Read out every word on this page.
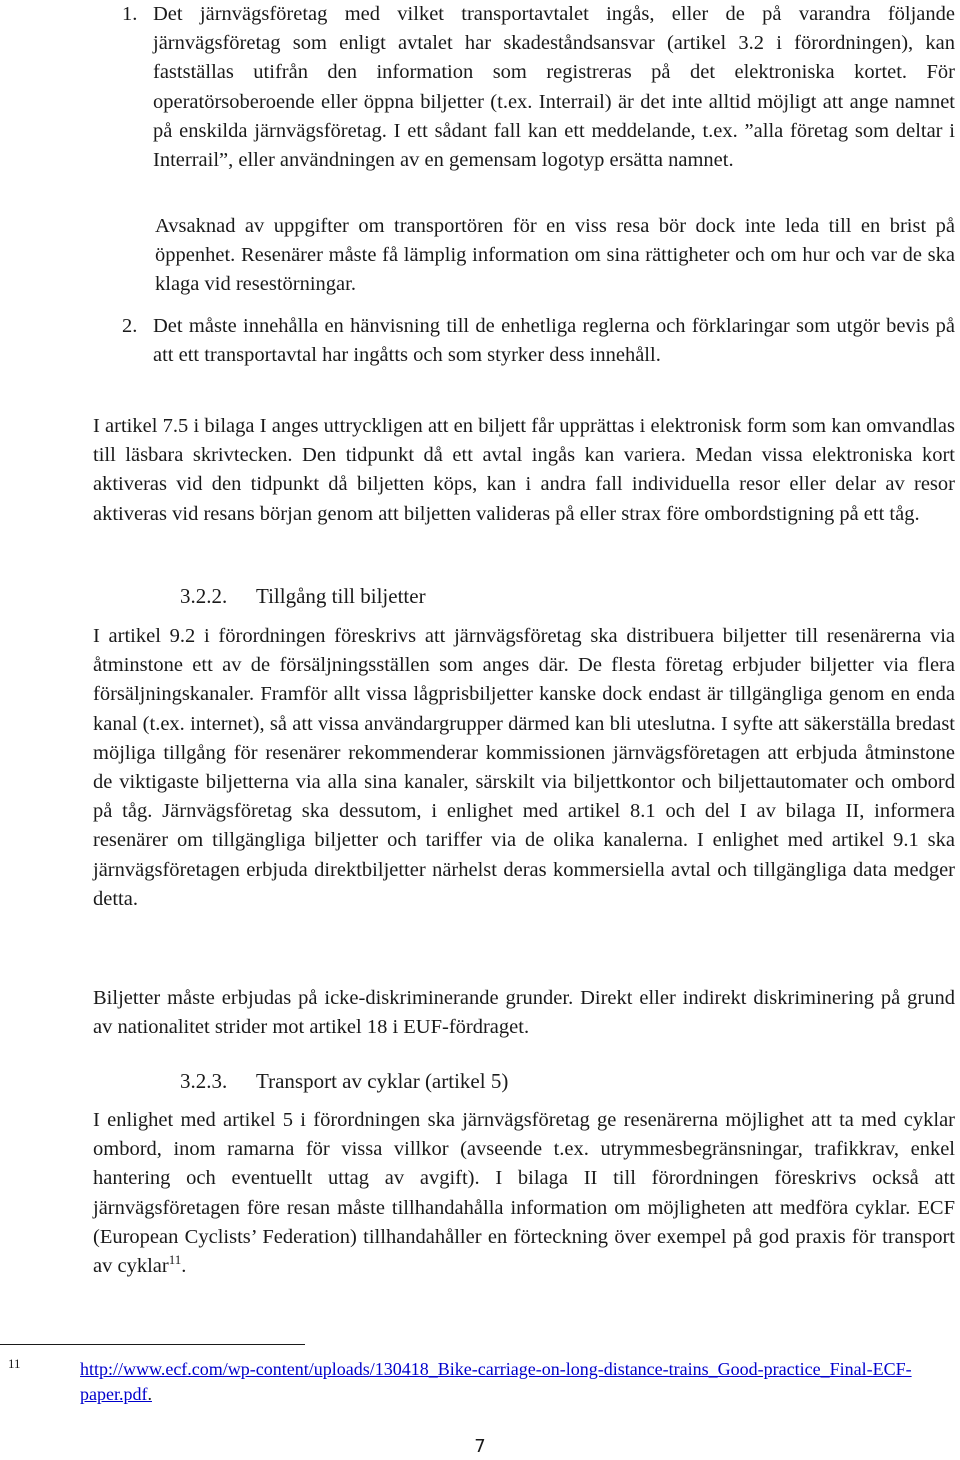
1. Det järnvägsföretag med vilket transportavtalet ingås, eller de på varandra följande järnvägsföretag som enligt avtalet har skadeståndsansvar (artikel 3.2 i förordningen), kan fastställas utifrån den information som registreras på det elektroniska kortet. För operatörsoberoende eller öppna biljetter (t.ex. Interrail) är det inte alltid möjligt att ange namnet på enskilda järnvägsföretag. I ett sådant fall kan ett meddelande, t.ex. ”alla företag som deltar i Interrail”, eller användningen av en gemensam logotyp ersätta namnet.

Avsaknad av uppgifter om transportören för en viss resa bör dock inte leda till en brist på öppenhet. Resenärer måste få lämplig information om sina rättigheter och om hur och var de ska klaga vid resestörningar.

2. Det måste innehålla en hänvisning till de enhetliga reglerna och förklaringar som utgör bevis på att ett transportavtal har ingåtts och som styrker dess innehåll.

I artikel 7.5 i bilaga I anges uttryckligen att en biljett får upprättas i elektronisk form som kan omvandlas till läsbara skrivtecken. Den tidpunkt då ett avtal ingås kan variera. Medan vissa elektroniska kort aktiveras vid den tidpunkt då biljetten köps, kan i andra fall individuella resor eller delar av resor aktiveras vid resans början genom att biljetten valideras på eller strax före ombordstigning på ett tåg.

3.2.2. Tillgång till biljetter

I artikel 9.2 i förordningen föreskrivs att järnvägsföretag ska distribuera biljetter till resenärerna via åtminstone ett av de försäljningsställen som anges där. De flesta företag erbjuder biljetter via flera försäljningskanaler. Framför allt vissa lågprisbiljetter kanske dock endast är tillgängliga genom en enda kanal (t.ex. internet), så att vissa användargrupper därmed kan bli uteslutna. I syfte att säkerställa bredast möjliga tillgång för resenärer rekommenderar kommissionen järnvägsföretagen att erbjuda åtminstone de viktigaste biljetterna via alla sina kanaler, särskilt via biljettkontor och biljettautomater och ombord på tåg. Järnvägsföretag ska dessutom, i enlighet med artikel 8.1 och del I av bilaga II, informera resenärer om tillgängliga biljetter och tariffer via de olika kanalerna. I enlighet med artikel 9.1 ska järnvägsföretagen erbjuda direktbiljetter närhelst deras kommersiella avtal och tillgängliga data medger detta.

Biljetter måste erbjudas på icke-diskriminerande grunder. Direkt eller indirekt diskriminering på grund av nationalitet strider mot artikel 18 i EUF-fördraget.

3.2.3. Transport av cyklar (artikel 5)

I enlighet med artikel 5 i förordningen ska järnvägsföretag ge resenärerna möjlighet att ta med cyklar ombord, inom ramarna för vissa villkor (avseende t.ex. utrymmesbegränsningar, trafikkrav, enkel hantering och eventuellt uttag av avgift). I bilaga II till förordningen föreskrivs också att järnvägsföretagen före resan måste tillhandahålla information om möjligheten att medföra cyklar. ECF (European Cyclists’ Federation) tillhandahåller en förteckning över exempel på god praxis för transport av cyklar$^{11}$.

11	http://www.ecf.com/wp-content/uploads/130418_Bike-carriage-on-long-distance-trains_Good-practice_Final-ECF-paper.pdf.
7
